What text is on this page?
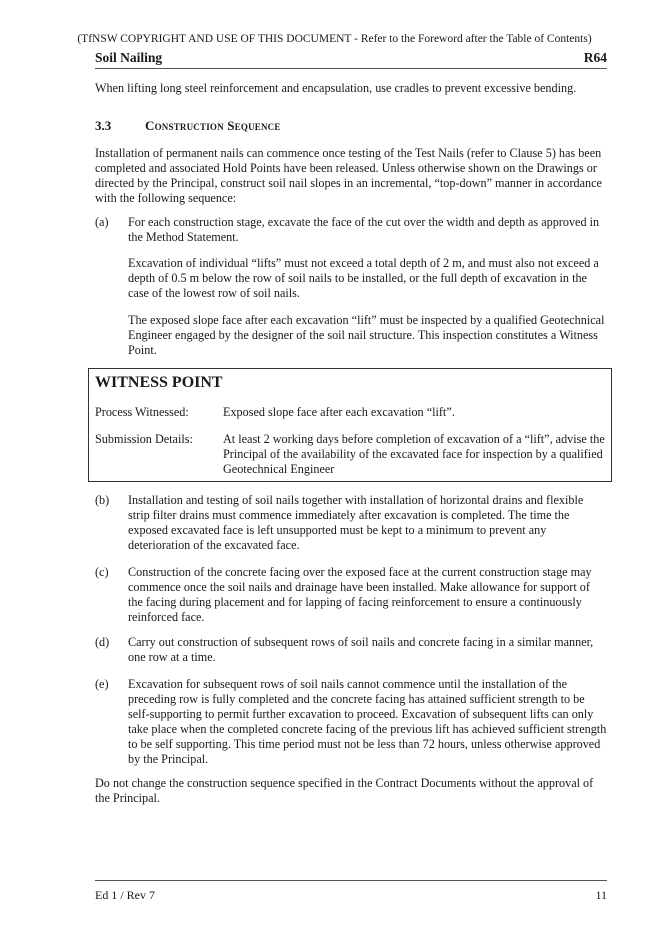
(TfNSW COPYRIGHT AND USE OF THIS DOCUMENT - Refer to the Foreword after the Table of Contents)
Soil Nailing	R64

When lifting long steel reinforcement and encapsulation, use cradles to prevent excessive bending.

3.3	Construction Sequence

Installation of permanent nails can commence once testing of the Test Nails (refer to Clause 5) has been completed and associated Hold Points have been released. Unless otherwise shown on the Drawings or directed by the Principal, construct soil nail slopes in an incremental, “top-down” manner in accordance with the following sequence:

(a) For each construction stage, excavate the face of the cut over the width and depth as approved in the Method Statement.

Excavation of individual “lifts” must not exceed a total depth of 2 m, and must also not exceed a depth of 0.5 m below the row of soil nails to be installed, or the full depth of excavation in the case of the lowest row of soil nails.

The exposed slope face after each excavation “lift” must be inspected by a qualified Geotechnical Engineer engaged by the designer of the soil nail structure. This inspection constitutes a Witness Point.

WITNESS POINT
Process Witnessed:	Exposed slope face after each excavation “lift”.

Submission Details: At least 2 working days before completion of excavation of a “lift”, advise the Principal of the availability of the excavated face for inspection by a qualified Geotechnical Engineer

(b) Installation and testing of soil nails together with installation of horizontal drains and flexible strip filter drains must commence immediately after excavation is completed. The time the exposed excavated face is left unsupported must be kept to a minimum to prevent any deterioration of the excavated face.

(c) Construction of the concrete facing over the exposed face at the current construction stage may commence once the soil nails and drainage have been installed. Make allowance for support of the facing during placement and for lapping of facing reinforcement to ensure a continuously reinforced face.

(d) Carry out construction of subsequent rows of soil nails and concrete facing in a similar manner, one row at a time.

(e) Excavation for subsequent rows of soil nails cannot commence until the installation of the preceding row is fully completed and the concrete facing has attained sufficient strength to be self-supporting to permit further excavation to proceed. Excavation of subsequent lifts can only take place when the completed concrete facing of the previous lift has achieved sufficient strength to be self supporting. This time period must not be less than 72 hours, unless otherwise approved by the Principal.

Do not change the construction sequence specified in the Contract Documents without the approval of the Principal.

Ed 1 / Rev 7	11
